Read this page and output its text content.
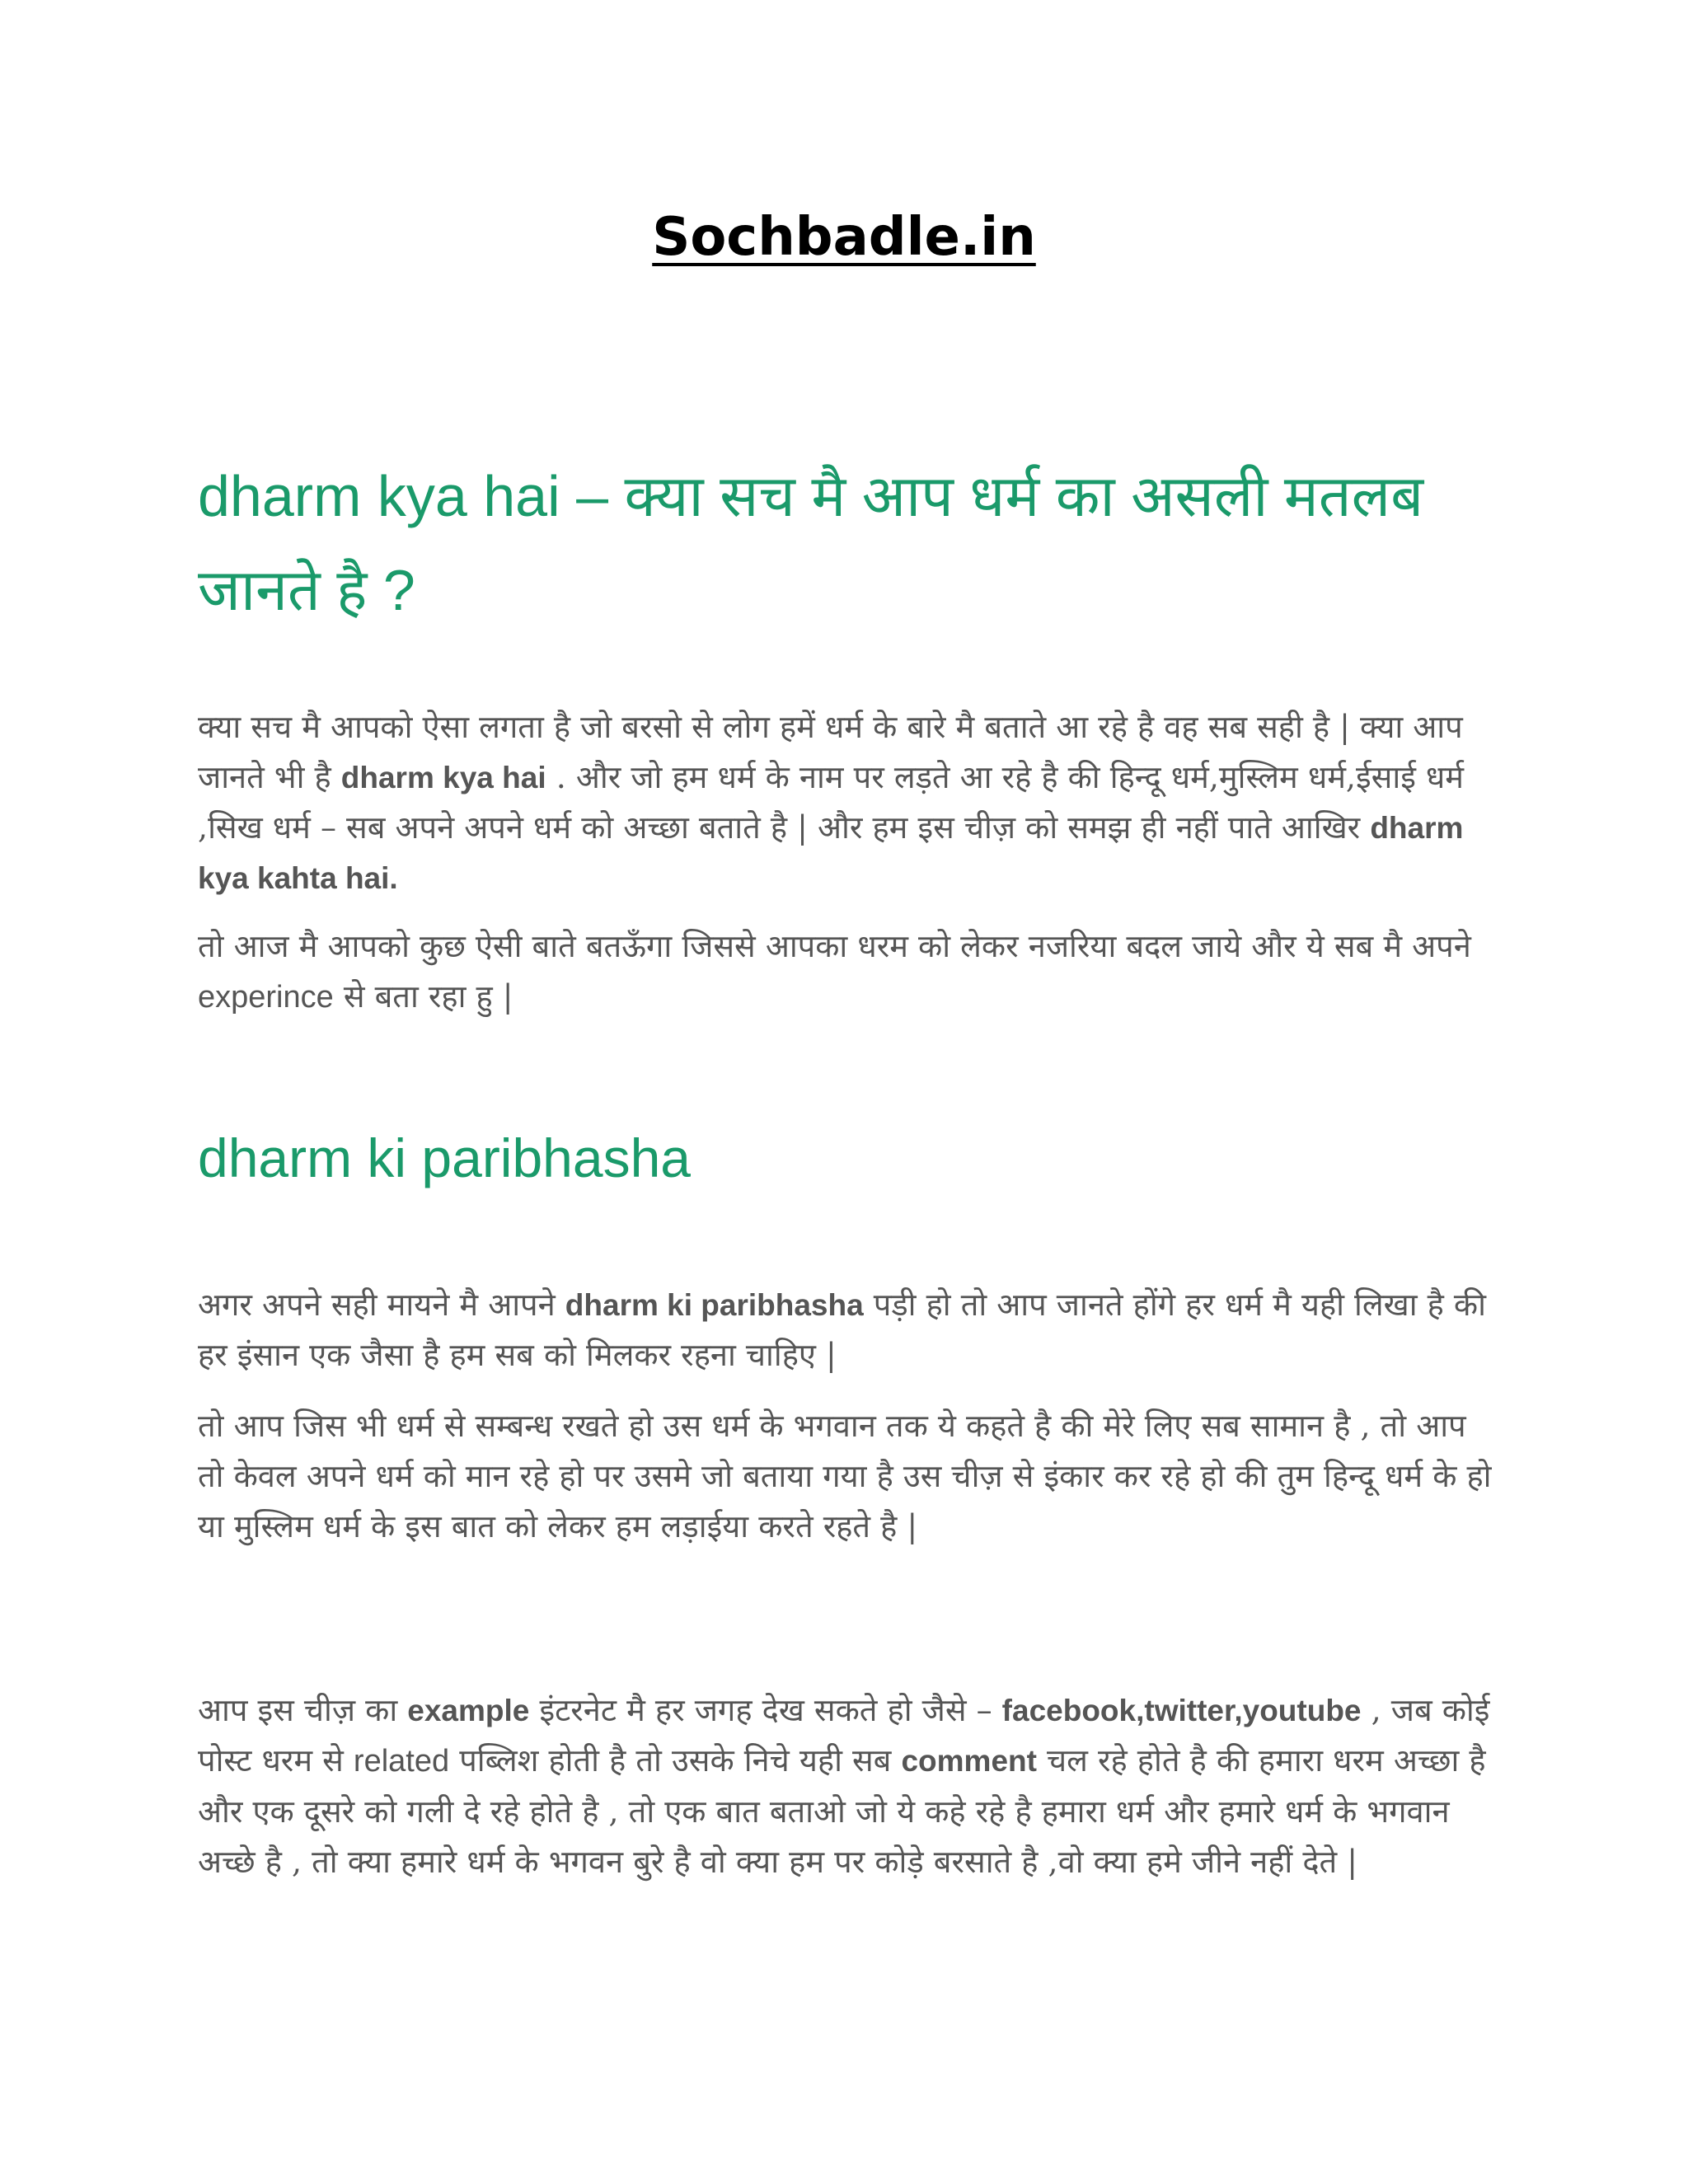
Sochbadle.in
dharm kya hai – क्या सच मै आप धर्म का असली मतलब जानते है ?

क्या सच मै आपको ऐसा लगता है जो बरसो से लोग हमें धर्म के बारे मै बताते आ रहे है वह सब सही है | क्या आप जानते भी है dharm kya hai . और जो हम धर्म के नाम पर लड़ते आ रहे है की हिन्दू धर्म,मुस्लिम धर्म,ईसाई धर्म ,सिख धर्म – सब अपने अपने धर्म को अच्छा बताते है | और हम इस चीज़ को समझ ही नहीं पाते आखिर dharm kya kahta hai.

तो आज मै आपको कुछ ऐसी बाते बतऊँगा जिससे आपका धरम को लेकर नजरिया बदल जाये और ये सब मै अपने experince से बता रहा हु |

dharm ki paribhasha

अगर अपने सही मायने मै आपने dharm ki paribhasha पड़ी हो तो आप जानते होंगे हर धर्म मै यही लिखा है की हर इंसान एक जैसा है हम सब को मिलकर रहना चाहिए |

तो आप जिस भी धर्म से सम्बन्ध रखते हो उस धर्म के भगवान तक ये कहते है की मेरे लिए सब सामान है , तो आप तो केवल अपने धर्म को मान रहे हो पर उसमे जो बताया गया है उस चीज़ से इंकार कर रहे हो की तुम हिन्दू धर्म के हो या मुस्लिम धर्म के इस बात को लेकर हम लड़ाईया करते रहते है |

आप इस चीज़ का example इंटरनेट मै हर जगह देख सकते हो जैसे – facebook,twitter,youtube , जब कोई पोस्ट धरम से related पब्लिश होती है तो उसके निचे यही सब comment चल रहे होते है की हमारा धरम अच्छा है और एक दूसरे को गली दे रहे होते है , तो एक बात बताओ जो ये कहे रहे है हमारा धर्म और हमारे धर्म के भगवान अच्छे है , तो क्या हमारे धर्म के भगवन बुरे है वो क्या हम पर कोड़े बरसाते है ,वो क्या हमे जीने नहीं देते |
